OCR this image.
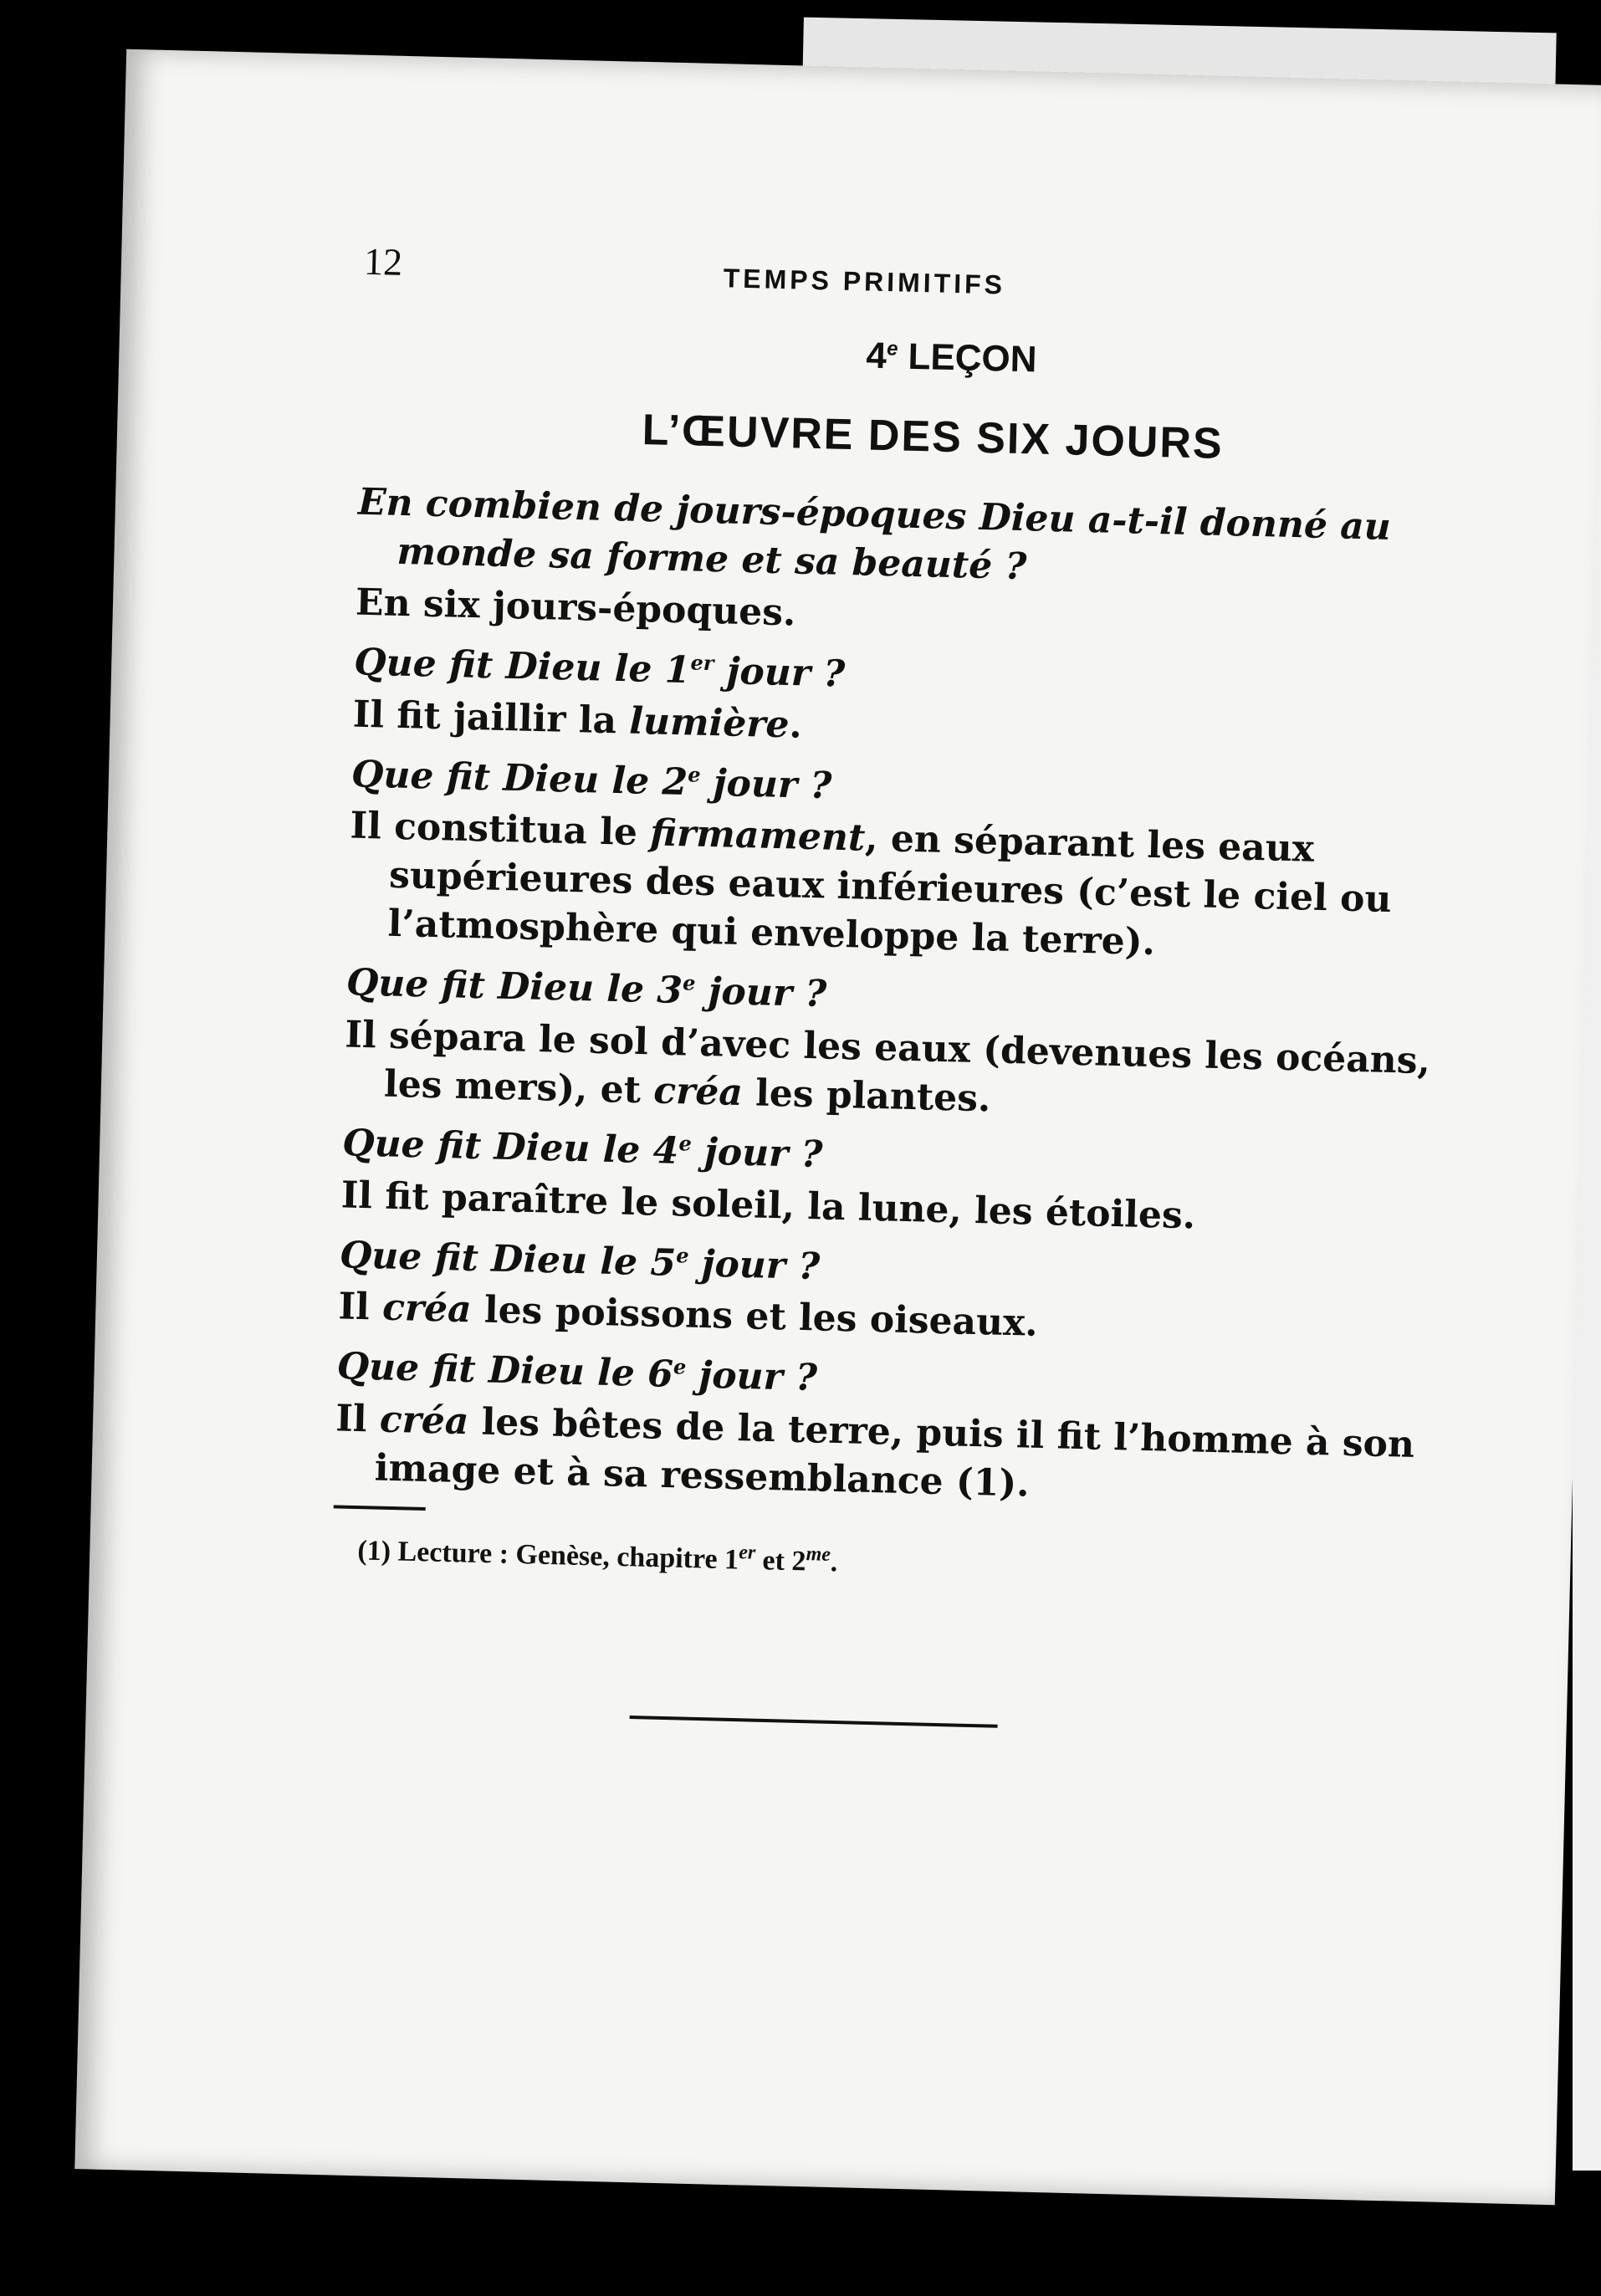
12	TEMPS PRIMITIFS
4e LEÇON
L’ŒUVRE DES SIX JOURS

En combien de jours-époques Dieu a-t-il donné au monde sa forme et sa beauté ?

En six jours-époques.

Que fit Dieu le 1er jour ?

Il fit jaillir la lumière.

Que fit Dieu le 2e jour ?

Il constitua le firmament, en séparant les eaux supérieures des eaux inférieures (c’est le ciel ou l’atmosphère qui enveloppe la terre).

Que fit Dieu le 3e jour ?

Il sépara le sol d’avec les eaux (devenues les océans, les mers), et créa les plantes.

Que fit Dieu le 4e jour ?

Il fit paraître le soleil, la lune, les étoiles.

Que fit Dieu le 5e jour ?

Il créa les poissons et les oiseaux.

Que fit Dieu le 6e jour ?

Il créa les bêtes de la terre, puis il fit l’homme à son image et à sa ressemblance (1).

(1) Lecture : Genèse, chapitre 1er et $2^{me}$.
